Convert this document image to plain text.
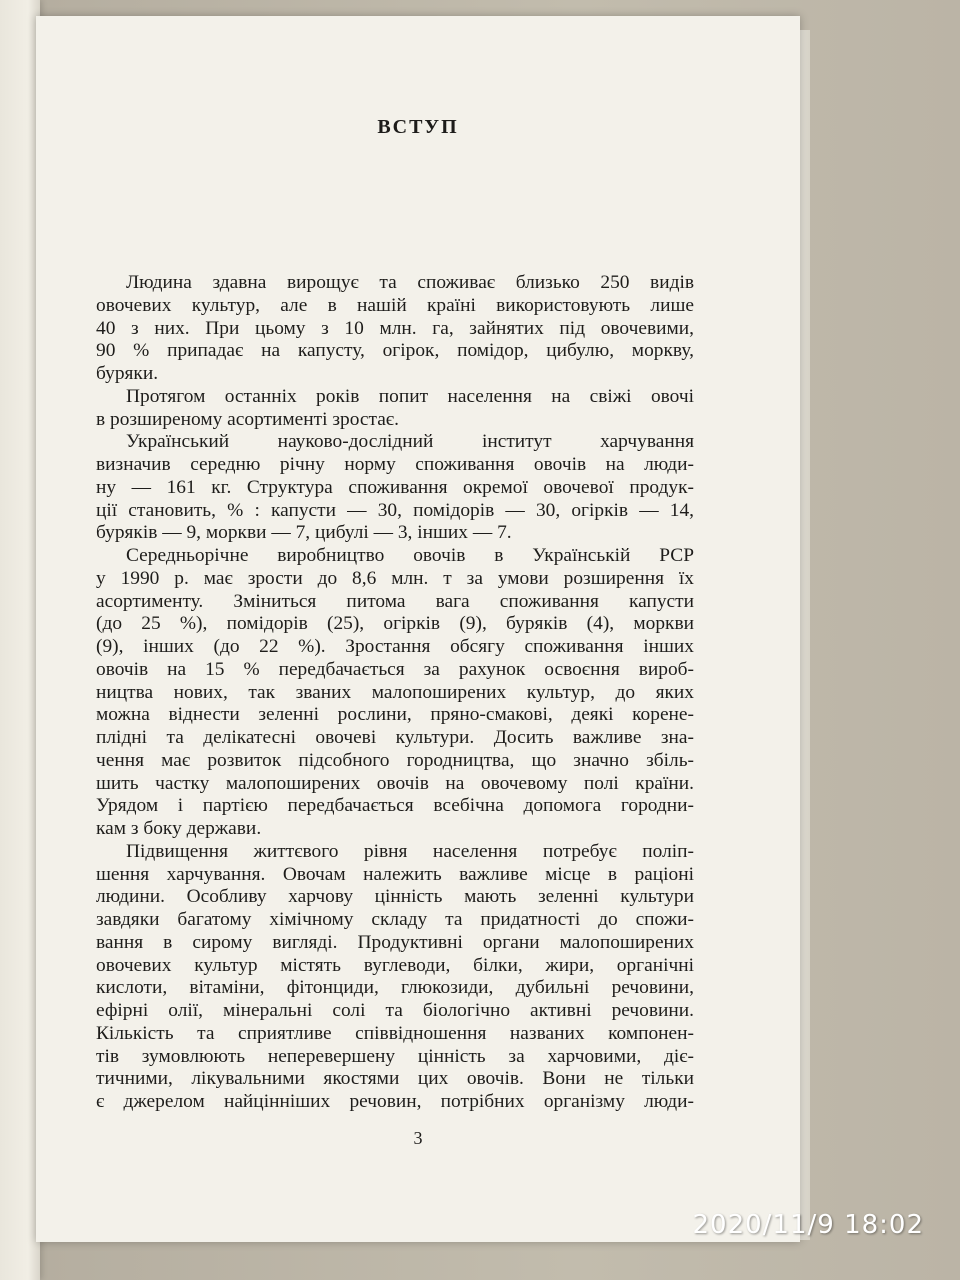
ВСТУП
Людина здавна вирощує та споживає близько 250 видів
овочевих культур, але в нашій країні використовують лише
40 з них. При цьому з 10 млн. га, зайнятих під овочевими,
90 % припадає на капусту, огірок, помідор, цибулю, моркву,
буряки.
Протягом останніх років попит населення на свіжі овочі
в розширеному асортименті зростає.
Український науково-дослідний інститут харчування
визначив середню річну норму споживання овочів на люди-
ну — 161 кг. Структура споживання окремої овочевої продук-
ції становить, % : капусти — 30, помідорів — 30, огірків — 14,
буряків — 9, моркви — 7, цибулі — 3, інших — 7.
Середньорічне виробництво овочів в Українській РСР
у 1990 р. має зрости до 8,6 млн. т за умови розширення їх
асортименту. Зміниться питома вага споживання капусти
(до 25 %), помідорів (25), огірків (9), буряків (4), моркви
(9), інших (до 22 %). Зростання обсягу споживання інших
овочів на 15 % передбачається за рахунок освоєння вироб-
ництва нових, так званих малопоширених культур, до яких
можна віднести зеленні рослини, пряно-смакові, деякі корене-
плідні та делікатесні овочеві культури. Досить важливе зна-
чення має розвиток підсобного городництва, що значно збіль-
шить частку малопоширених овочів на овочевому полі країни.
Урядом і партією передбачається всебічна допомога городни-
кам з боку держави.
Підвищення життєвого рівня населення потребує поліп-
шення харчування. Овочам належить важливе місце в раціоні
людини. Особливу харчову цінність мають зеленні культури
завдяки багатому хімічному складу та придатності до спожи-
вання в сирому вигляді. Продуктивні органи малопоширених
овочевих культур містять вуглеводи, білки, жири, органічні
кислоти, вітаміни, фітонциди, глюкозиди, дубильні речовини,
ефірні олії, мінеральні солі та біологічно активні речовини.
Кількість та сприятливе співвідношення названих компонен-
тів зумовлюють неперевершену цінність за харчовими, діє-
тичними, лікувальними якостями цих овочів. Вони не тільки
є джерелом найцінніших речовин, потрібних організму люди-
3
2020/11/9 18:02
